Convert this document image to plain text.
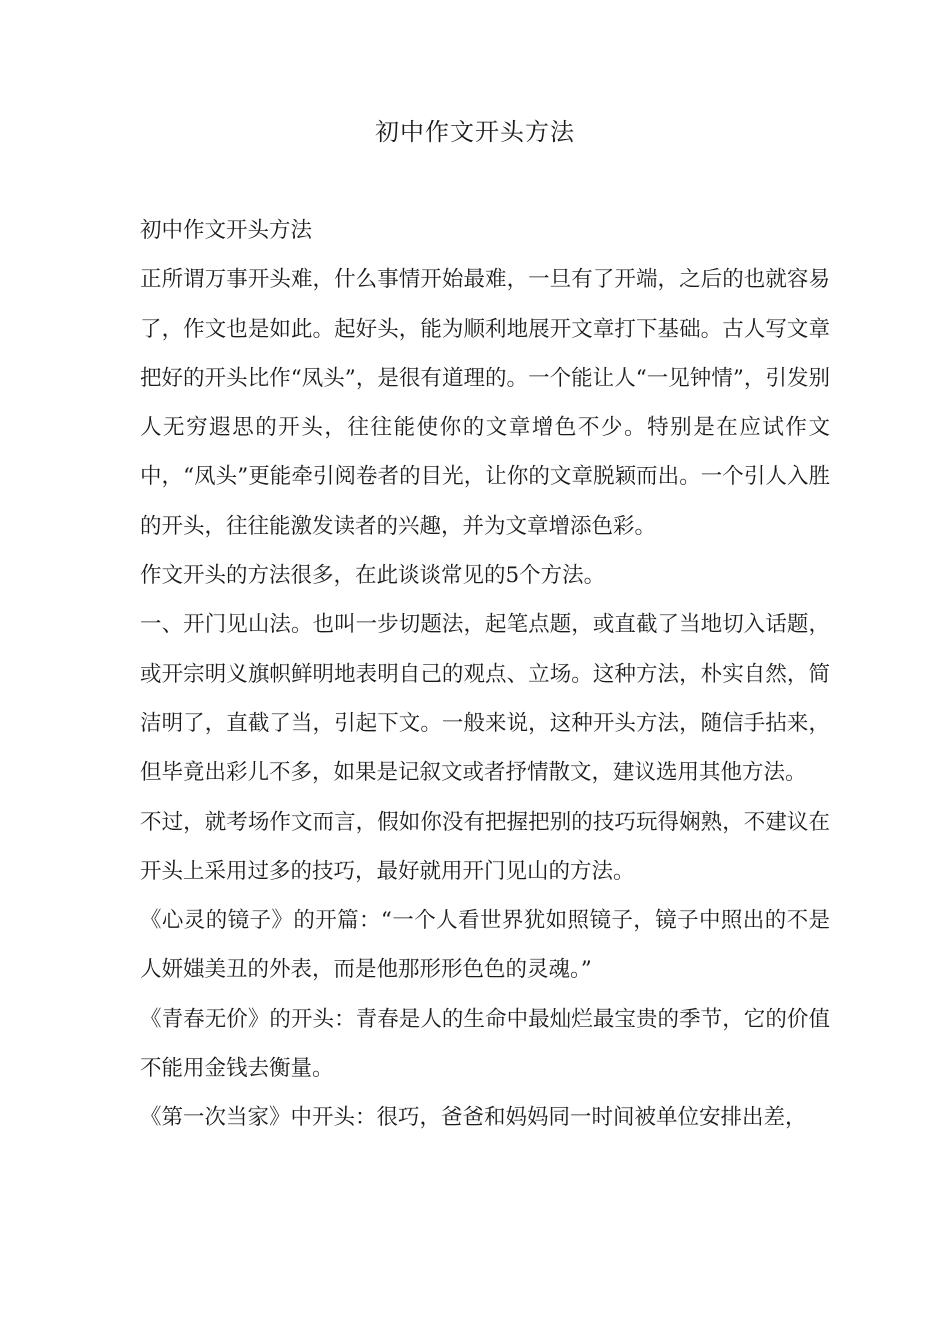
初中作文开头方法

初中作文开头方法

正所谓万事开头难，什么事情开始最难，一旦有了开端，之后的也就容易了，作文也是如此。起好头，能为顺利地展开文章打下基础。古人写文章把好的开头比作“凤头”，是很有道理的。一个能让人“一见钟情”，引发别人无穷遐思的开头，往往能使你的文章增色不少。特别是在应试作文中，“凤头”更能牵引阅卷者的目光，让你的文章脱颖而出。一个引人入胜的开头，往往能激发读者的兴趣，并为文章增添色彩。

作文开头的方法很多，在此谈谈常见的5个方法。

一、开门见山法。也叫一步切题法，起笔点题，或直截了当地切入话题，或开宗明义旗帜鲜明地表明自己的观点、立场。这种方法，朴实自然，简洁明了，直截了当，引起下文。一般来说，这种开头方法，随信手拈来，但毕竟出彩儿不多，如果是记叙文或者抒情散文，建议选用其他方法。

不过，就考场作文而言，假如你没有把握把别的技巧玩得娴熟，不建议在开头上采用过多的技巧，最好就用开门见山的方法。

《心灵的镜子》的开篇：“一个人看世界犹如照镜子，镜子中照出的不是人妍媸美丑的外表，而是他那形形色色的灵魂。”

《青春无价》的开头：青春是人的生命中最灿烂最宝贵的季节，它的价值不能用金钱去衡量。

《第一次当家》中开头：很巧，爸爸和妈妈同一时间被单位安排出差，
